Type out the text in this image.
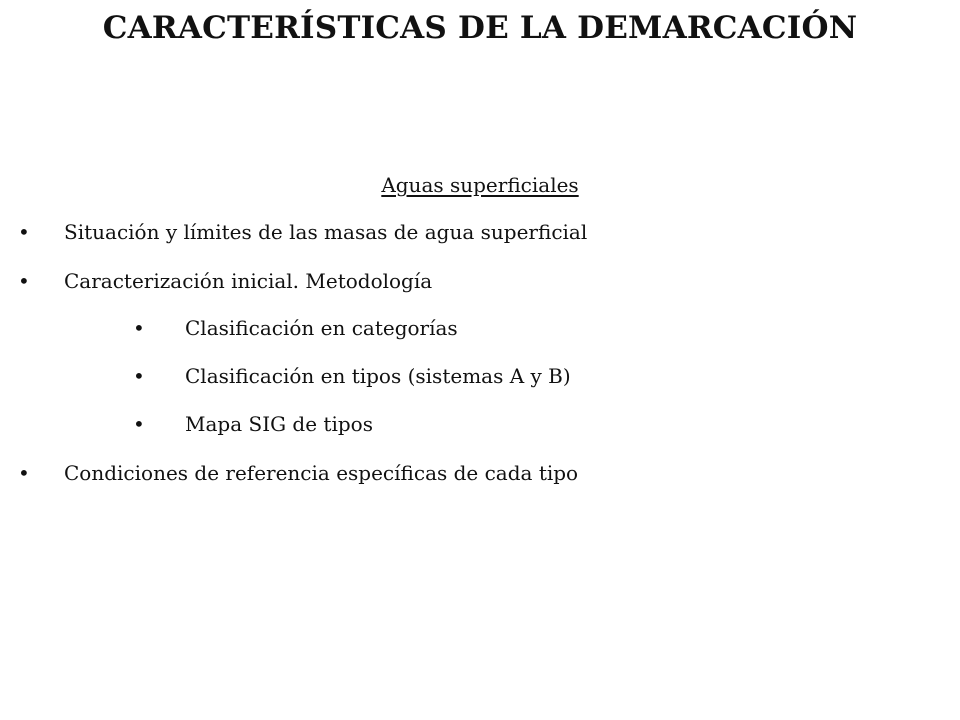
CARACTERÍSTICAS DE LA DEMARCACIÓN
Aguas superficiales
• Situación y límites de las masas de agua superficial
• Caracterización inicial. Metodología
• Clasificación en categorías
• Clasificación en tipos (sistemas A y B)
• Mapa SIG de tipos
• Condiciones de referencia específicas de cada tipo
